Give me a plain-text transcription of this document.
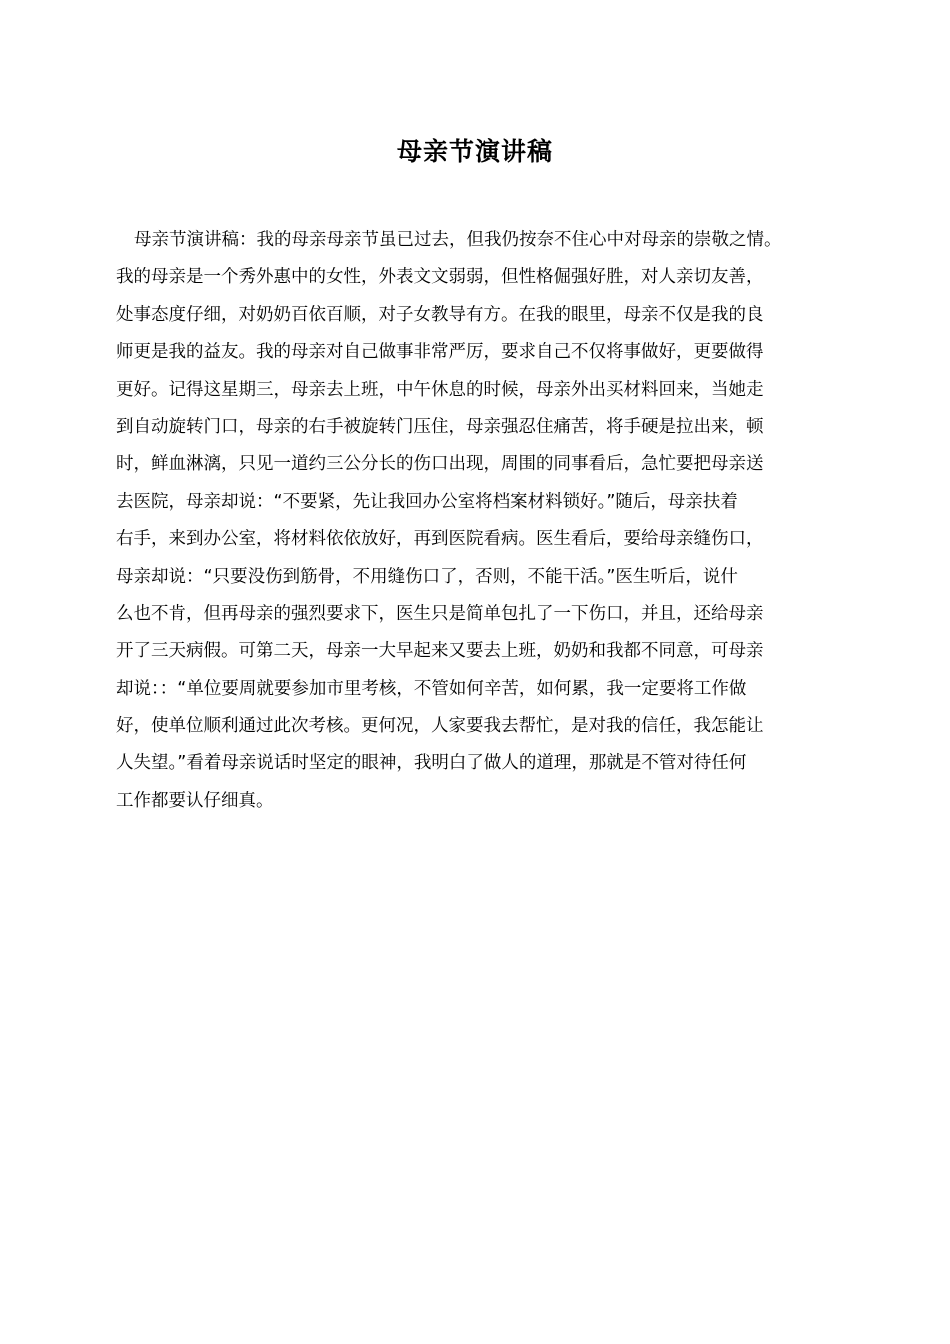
母亲节演讲稿
母亲节演讲稿：我的母亲母亲节虽已过去，但我仍按奈不住心中对母亲的崇敬之情。
我的母亲是一个秀外惠中的女性，外表文文弱弱，但性格倔强好胜，对人亲切友善，
处事态度仔细，对奶奶百依百顺，对子女教导有方。在我的眼里，母亲不仅是我的良
师更是我的益友。我的母亲对自己做事非常严厉，要求自己不仅将事做好，更要做得
更好。记得这星期三，母亲去上班，中午休息的时候，母亲外出买材料回来，当她走
到自动旋转门口，母亲的右手被旋转门压住，母亲强忍住痛苦，将手硬是拉出来，顿
时，鲜血淋漓，只见一道约三公分长的伤口出现，周围的同事看后，急忙要把母亲送
去医院，母亲却说：“不要紧，先让我回办公室将档案材料锁好。”随后，母亲扶着
右手，来到办公室，将材料依依放好，再到医院看病。医生看后，要给母亲缝伤口，
母亲却说：“只要没伤到筋骨，不用缝伤口了，否则，不能干活。”医生听后，说什
么也不肯，但再母亲的强烈要求下，医生只是简单包扎了一下伤口，并且，还给母亲
开了三天病假。可第二天，母亲一大早起来又要去上班，奶奶和我都不同意，可母亲
却说：：“单位要周就要参加市里考核，不管如何辛苦，如何累，我一定要将工作做
好，使单位顺利通过此次考核。更何况，人家要我去帮忙，是对我的信任，我怎能让
人失望。”看着母亲说话时坚定的眼神，我明白了做人的道理，那就是不管对待任何
工作都要认仔细真。
